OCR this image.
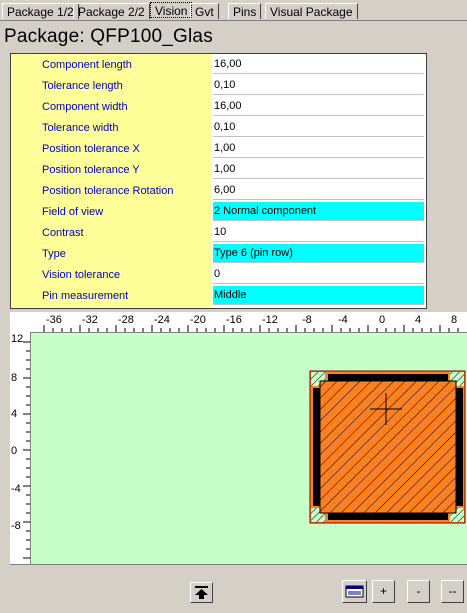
Package 1/2 Package 2/2 Vision Gvt	Pins	Visual Package
Package: QFP100_Glas
Component length	16,00
Tolerance length	0,10
Component width	16,00
Tolerance width	0,10
Position tolerance X	1,00
Position tolerance Y	1,00
Position tolerance Rotation	6,00
Field of view	2 Normal component
Contrast	10
Type	Type 6 (pin row)
Vision tolerance	0
Pin measurement	Middle
-36 -32 -28 -24 -20 -16 -12 -8 -4	0	4	8
12
8
4
0
-4
-8
+	-	--
